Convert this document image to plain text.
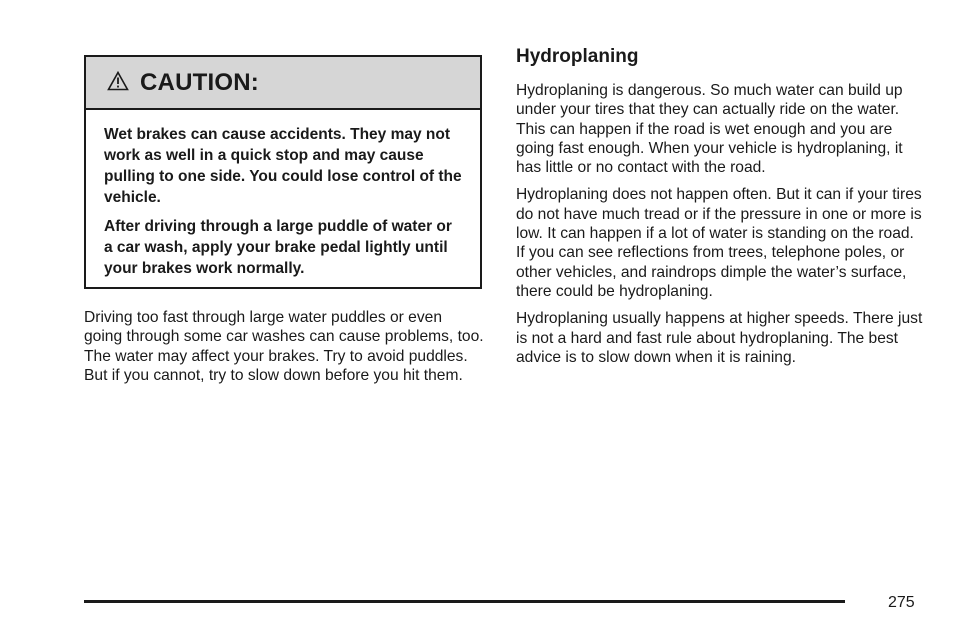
CAUTION:

Wet brakes can cause accidents. They may not work as well in a quick stop and may cause pulling to one side. You could lose control of the vehicle.

After driving through a large puddle of water or a car wash, apply your brake pedal lightly until your brakes work normally.

Driving too fast through large water puddles or even going through some car washes can cause problems, too. The water may affect your brakes. Try to avoid puddles. But if you cannot, try to slow down before you hit them.

Hydroplaning

Hydroplaning is dangerous. So much water can build up under your tires that they can actually ride on the water. This can happen if the road is wet enough and you are going fast enough. When your vehicle is hydroplaning, it has little or no contact with the road.

Hydroplaning does not happen often. But it can if your tires do not have much tread or if the pressure in one or more is low. It can happen if a lot of water is standing on the road. If you can see reflections from trees, telephone poles, or other vehicles, and raindrops dimple the water’s surface, there could be hydroplaning.

Hydroplaning usually happens at higher speeds. There just is not a hard and fast rule about hydroplaning. The best advice is to slow down when it is raining.

275
